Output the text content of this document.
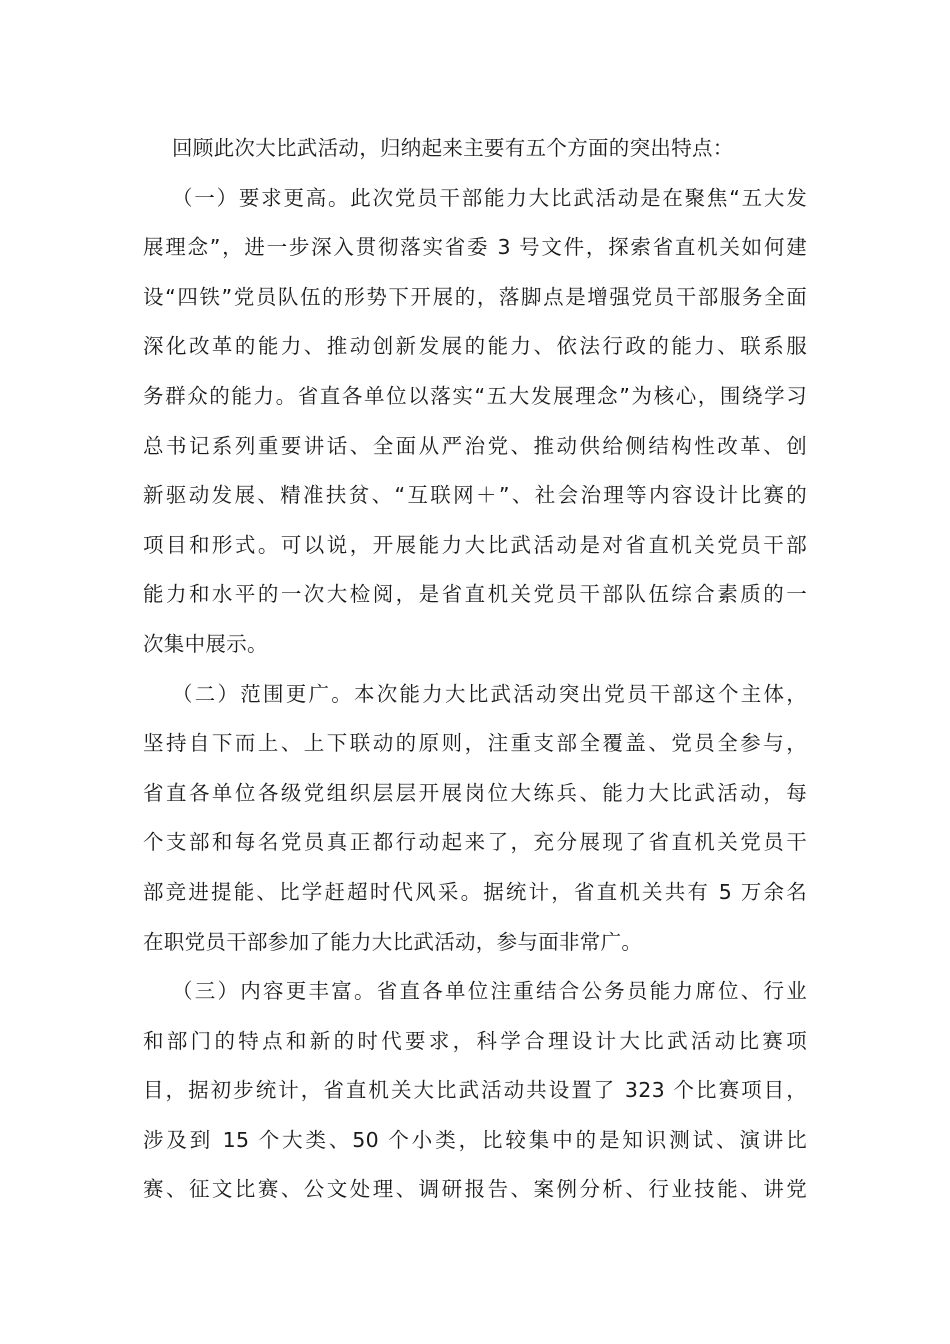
回顾此次大比武活动，归纳起来主要有五个方面的突出特点：
（一）要求更高。此次党员干部能力大比武活动是在聚焦“五大发
展理念”，进一步深入贯彻落实省委 3 号文件，探索省直机关如何建
设“四铁”党员队伍的形势下开展的，落脚点是增强党员干部服务全面
深化改革的能力、推动创新发展的能力、依法行政的能力、联系服
务群众的能力。省直各单位以落实“五大发展理念”为核心，围绕学习
总书记系列重要讲话、全面从严治党、推动供给侧结构性改革、创
新驱动发展、精准扶贫、“互联网＋”、社会治理等内容设计比赛的
项目和形式。可以说，开展能力大比武活动是对省直机关党员干部
能力和水平的一次大检阅，是省直机关党员干部队伍综合素质的一
次集中展示。
（二）范围更广。本次能力大比武活动突出党员干部这个主体，
坚持自下而上、上下联动的原则，注重支部全覆盖、党员全参与，
省直各单位各级党组织层层开展岗位大练兵、能力大比武活动，每
个支部和每名党员真正都行动起来了，充分展现了省直机关党员干
部竞进提能、比学赶超时代风采。据统计，省直机关共有 5 万余名
在职党员干部参加了能力大比武活动，参与面非常广。
（三）内容更丰富。省直各单位注重结合公务员能力席位、行业
和部门的特点和新的时代要求，科学合理设计大比武活动比赛项
目，据初步统计，省直机关大比武活动共设置了 323 个比赛项目，
涉及到 15 个大类、50 个小类，比较集中的是知识测试、演讲比
赛、征文比赛、公文处理、调研报告、案例分析、行业技能、讲党
